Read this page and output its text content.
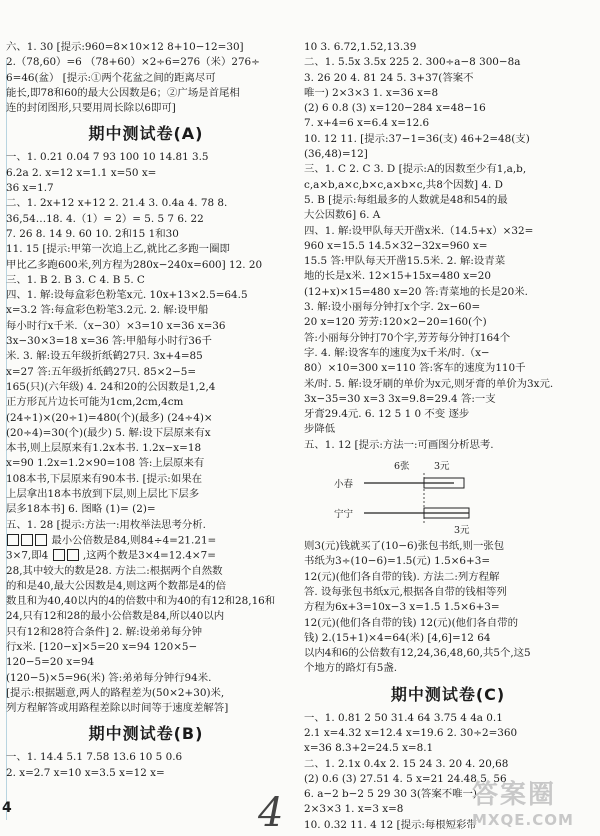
六、1. 30 [提示:960=8×10×12 8+10−12=30]
2.（78,60）=6 （78+60）×2÷6=276（米）276÷
6=46(盆） [提示:①两个花盆之间的距离尽可
能长,即78和60的最大公因数是6；②广场是首尾相
连的封闭图形,只要用周长除以6即可]
期中测试卷(A)
一、1. 0.21 0.04 7 93 100 10 14.81 3.5
6.2a 2. x=12 x=1.1 x=50 x=
36 x=1.7
二、1. 2x+12 x+12 2. 21.4 3. 0.4a 4. 78 8.
36,54…18. 4.（1）= 2）= 5. 5 7 6. 22
7. 26 8. 14 9. 60 10. 2和15 1和30
11. 15 [提示:甲第一次追上乙,就比乙多跑一圈即
甲比乙多跑600米,列方程为280x−240x=600] 12. 20
三、1. B 2. B 3. C 4. B 5. C
四、1. 解:设每盒彩色粉笔x元. 10x+13×2.5=64.5
x=3.2 答:每盒彩色粉笔3.2元. 2. 解:设甲船
每小时行x千米.（x−30）×3=10 x=36 x=36
3x−30×3=18 x=36 答:甲船每小时行36千
米. 3. 解:设五年级折纸鹤27只. 3x+4=85
x=27 答:五年级折纸鹤27只. 85×2−5=
165(只)(六年级) 4. 24和20的公因数是1,2,4
正方形瓦片边长可能为1cm,2cm,4cm
(24÷1)×(20÷1)=480(个)(最多) (24÷4)×
(20÷4)=30(个)(最少) 5. 解:设下层原来有x
本书,则上层原来有1.2x本书. 1.2x−x=18
x=90 1.2x=1.2×90=108 答:上层原来有
108本书,下层原来有90本书. [提示:如果在
上层拿出18本书放到下层,则上层比下层多
层多18本书] 6. 图略 (1)= (2)=
五、1. 28 [提示:方法一:用枚举法思考分析.
最小公倍数是84,则84÷4=21.21=
3×7,即4	,这两个数是3×4=12.4×7=
28,其中较大的数是28. 方法二:根据两个自然数
的和是40,最大公因数是4,则这两个数都是4的倍
数且和为40,40以内的4的倍数中和为40的有12和28,16和
24,只有12和28的最小公倍数是84,所以40以内
只有12和28符合条件] 2. 解:设弟弟每分钟
行x米. [120−x]×5=20 x=94 120×5−
120−5=20 x=94
(120−5)×5=96(米) 答:弟弟每分钟行94米.
[提示:根据题意,两人的路程差为(50×2+30)米,
列方程解答或用路程差除以时间等于速度差解答]
期中测试卷(B)
一、1. 14.4 5.1 7.58 13.6 10 5 0.6
2. x=2.7 x=10 x=3.5 x=12 x=
10 3. 6.72,1.52,13.39
二、1. 5.5x 3.5x 225 2. 300÷a−8 300−8a
3. 26 20 4. 81 24 5. 3+37(答案不
唯一) 2×3×3 1. x=36 x=8
(2) 6 0.8 (3) x=120−284 x=48−16
7. x+4=6 x=6.4 x=12.6
10. 12 11. [提示:37−1=36(支) 46+2=48(支)
(36,48)=12]
三、1. C 2. C 3. D [提示:A的因数至少有1,a,b,
c,a×b,a×c,b×c,a×b×c,共8个因数] 4. D
5. B [提示:每组最多的人数就是48和54的最
大公因数6] 6. A
四、1. 解:设甲队每天开凿x米.（14.5+x）×32=
960 x=15.5 14.5×32−32x=960 x=
15.5 答:甲队每天开凿15.5米. 2. 解:设青菜
地的长是x米. 12×15+15x=480 x=20
(12+x)×15=480 x=20 答:青菜地的长是20米.
3. 解:设小丽每分钟打x个字. 2x−60=
20 x=120 芳芳:120×2−20=160(个)
答:小丽每分钟打70个字,芳芳每分钟打164个
字. 4. 解:设客车的速度为x千米/时.（x−
80）×10=300 x=110 答:客车的速度为110千
米/时. 5. 解:设牙刷的单价为x元,则牙膏的单价为3x元.
3x−35=30 x=3 3x=9.8=29.4 答:一支
牙膏29.4元. 6. 12 5 1 0 不变 逐步
步降低
五、1. 12 [提示:方法一:可画图分析思考.
小春
宁宁
6张	3元
3元
则3(元)钱就买了(10−6)张包书纸,则一张包
书纸为3÷(10−6)=1.5(元) 1.5×6+3=
12(元)(他们各自带的钱). 方法二:列方程解
答. 设每张包书纸x元,根据各自带的钱相等列
方程为6x+3=10x−3 x=1.5 1.5×6+3=
12(元)(他们各自带的钱) 12(元)(他们各自带的
钱) 2.(15+1)×4=64(米) [4,6]=12 64
以内4和6的公倍数有12,24,36,48,60,共5个,这5
个地方的路灯有5盏.
期中测试卷(C)
一、1. 0.81 2 50 31.4 64 3.75 4 4a 0.1
2.1 x=4.32 x=12.4 x=19.6 2. 30÷2=360
x=36 8.3+2=24.5 x=8.1
二、1. 2.1x 0.4x 2. 15 24 3. 20 4. 20,68
(2) 0.6 (3) 27.51 4. 5 x=21 24.48 5. 56
6. a−2 b−2 5 29 30 3(答案不唯一)
2×3×3 1. x=3 x=8
10. 0.32 11. 4 12 [提示:每根短彩带
4	4	答案圈
MXQE.COM
